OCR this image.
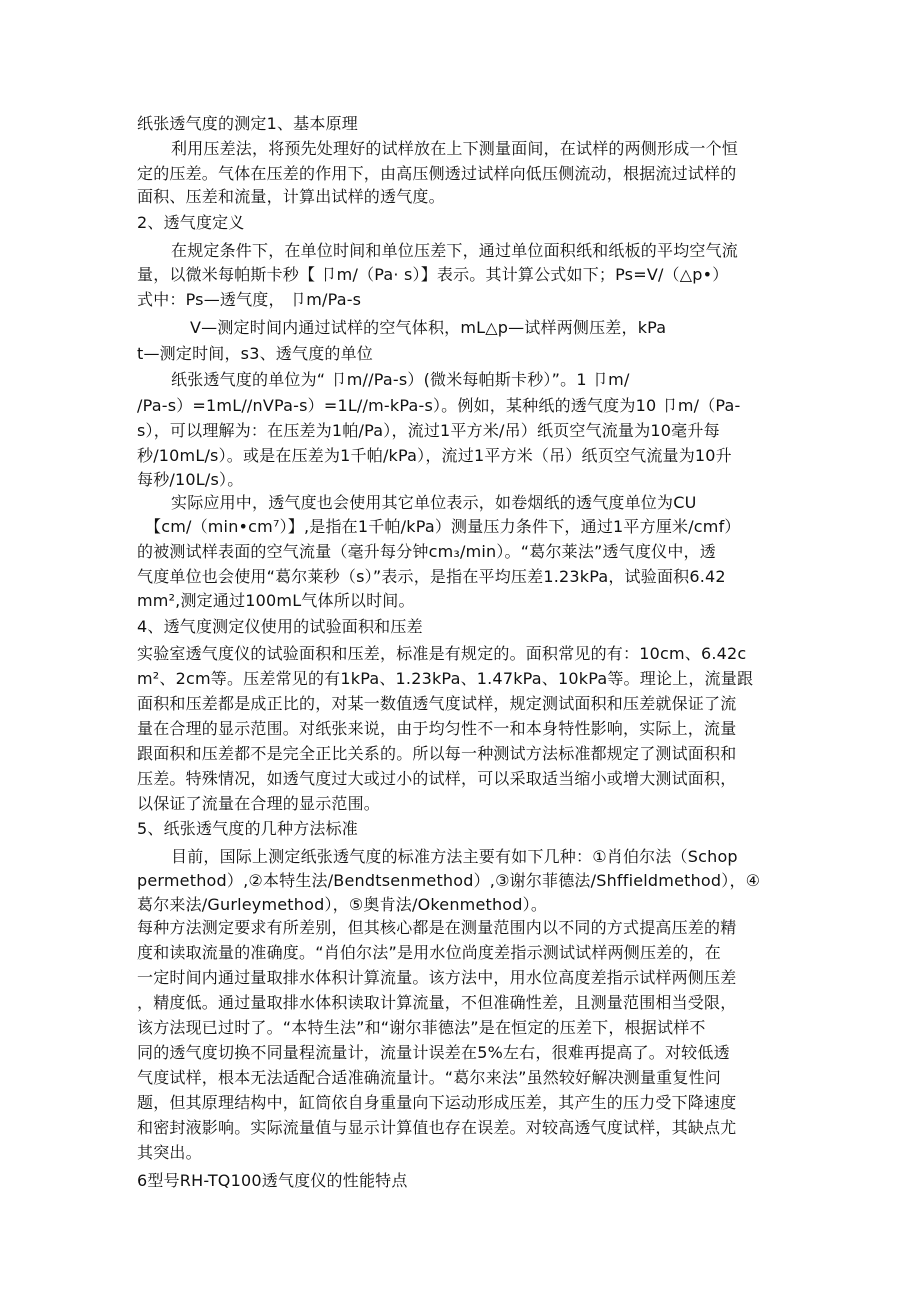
纸张透气度的测定1、基本原理

利用压差法，将预先处理好的试样放在上下测量面间，在试样的两侧形成一个恒

定的压差。气体在压差的作用下，由高压侧透过试样向低压侧流动，根据流过试样的

面积、压差和流量，计算出试样的透气度。

2、透气度定义

在规定条件下，在单位时间和单位压差下，通过单位面积纸和纸板的平均空气流

量，以微米每帕斯卡秒【 卩m/（Pa· s）】表示。其计算公式如下；Ps=V/（△p•）

式中：Ps—透气度， 卩m/Pa-s

V—测定时间内通过试样的空气体积，mL△p—试样两侧压差，kPa

t—测定时间，s3、透气度的单位

纸张透气度的单位为“ 卩m//Pa-s）(微米每帕斯卡秒）”。1 卩m/

/Pa-s）=1mL//nVPa-s）=1L//m-kPa-s）。例如，某种纸的透气度为10 卩m/（Pa-

s），可以理解为：在压差为1帕/Pa），流过1平方米/吊）纸页空气流量为10毫升每

秒/10mL/s）。或是在压差为1千帕/kPa），流过1平方米（吊）纸页空气流量为10升

每秒/10L/s）。

实际应用中，透气度也会使用其它单位表示，如卷烟纸的透气度单位为CU

【cm/（min•cm⁷）】,是指在1千帕/kPa）测量压力条件下，通过1平方厘米/cmf）

的被测试样表面的空气流量（毫升每分钟cm₃/min）。“葛尔莱法”透气度仪中，透

气度单位也会使用“葛尔莱秒（s）”表示，是指在平均压差1.23kPa，试验面积6.42

mm²,测定通过100mL气体所以时间。

4、透气度测定仪使用的试验面积和压差

实验室透气度仪的试验面积和压差，标准是有规定的。面积常见的有：10cm、6.42c

m²、2cm等。压差常见的有1kPa、1.23kPa、1.47kPa、10kPa等。理论上，流量跟

面积和压差都是成正比的，对某一数值透气度试样，规定测试面积和压差就保证了流

量在合理的显示范围。对纸张来说，由于均匀性不一和本身特性影响，实际上，流量

跟面积和压差都不是完全正比关系的。所以每一种测试方法标准都规定了测试面积和

压差。特殊情况，如透气度过大或过小的试样，可以采取适当缩小或增大测试面积，

以保证了流量在合理的显示范围。

5、纸张透气度的几种方法标准

目前，国际上测定纸张透气度的标准方法主要有如下几种：①肖伯尔法（Schop

permethod）,②本特生法/Bendtsenmethod）,③谢尔菲德法/Shffieldmethod），④

葛尔来法/Gurleymethod），⑤奥肯法/Okenmethod）。

每种方法测定要求有所差别，但其核心都是在测量范围内以不同的方式提高压差的精

度和读取流量的准确度。“肖伯尔法”是用水位尚度差指示测试试样两侧压差的，在

一定时间内通过量取排水体积计算流量。该方法中，用水位高度差指示试样两侧压差

，精度低。通过量取排水体积读取计算流量，不但准确性差，且测量范围相当受限，

该方法现已过时了。“本特生法”和“谢尔菲德法”是在恒定的压差下，根据试样不

同的透气度切换不同量程流量计，流量计误差在5%左右，很难再提高了。对较低透

气度试样，根本无法适配合适准确流量计。“葛尔来法”虽然较好解决测量重复性问

题，但其原理结构中，缸筒依自身重量向下运动形成压差，其产生的压力受下降速度

和密封液影响。实际流量值与显示计算值也存在误差。对较高透气度试样，其缺点尤

其突出。

6型号RH-TQ100透气度仪的性能特点
